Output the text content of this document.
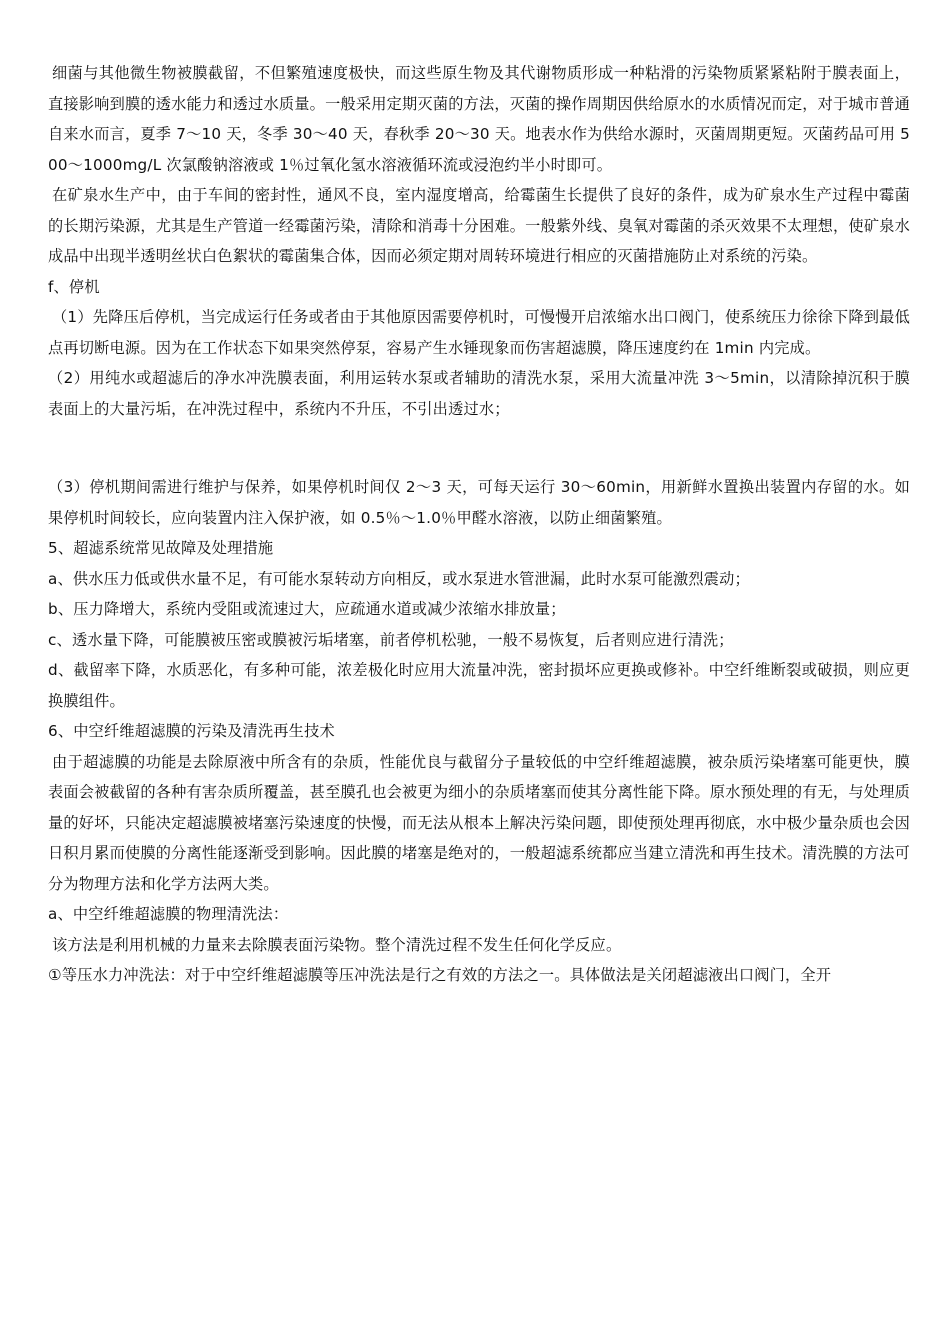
细菌与其他微生物被膜截留，不但繁殖速度极快，而这些原生物及其代谢物质形成一种粘滑的污染物质紧紧粘附于膜表面上，直接影响到膜的透水能力和透过水质量。一般采用定期灭菌的方法，灭菌的操作周期因供给原水的水质情况而定，对于城市普通自来水而言，夏季 7～10 天，冬季 30～40 天，春秋季 20～30 天。地表水作为供给水源时，灭菌周期更短。灭菌药品可用 500～1000mg/L 次氯酸钠溶液或 1％过氧化氢水溶液循环流或浸泡约半小时即可。

在矿泉水生产中，由于车间的密封性，通风不良，室内湿度增高，给霉菌生长提供了良好的条件，成为矿泉水生产过程中霉菌的长期污染源，尤其是生产管道一经霉菌污染，清除和消毒十分困难。一般紫外线、臭氧对霉菌的杀灭效果不太理想，使矿泉水成品中出现半透明丝状白色絮状的霉菌集合体，因而必须定期对周转环境进行相应的灭菌措施防止对系统的污染。

f、停机

（1）先降压后停机，当完成运行任务或者由于其他原因需要停机时，可慢慢开启浓缩水出口阀门，使系统压力徐徐下降到最低点再切断电源。因为在工作状态下如果突然停泵，容易产生水锤现象而伤害超滤膜，降压速度约在 1min 内完成。

（2）用纯水或超滤后的净水冲洗膜表面，利用运转水泵或者辅助的清洗水泵，采用大流量冲洗 3～5min，以清除掉沉积于膜表面上的大量污垢，在冲洗过程中，系统内不升压，不引出透过水；

（3）停机期间需进行维护与保养，如果停机时间仅 2～3 天，可每天运行 30～60min，用新鲜水置换出装置内存留的水。如果停机时间较长，应向装置内注入保护液，如 0.5％～1.0％甲醛水溶液，以防止细菌繁殖。

5、超滤系统常见故障及处理措施

a、供水压力低或供水量不足，有可能水泵转动方向相反，或水泵进水管泄漏，此时水泵可能激烈震动；

b、压力降增大，系统内受阻或流速过大，应疏通水道或减少浓缩水排放量；

c、透水量下降，可能膜被压密或膜被污垢堵塞，前者停机松驰，一般不易恢复，后者则应进行清洗；

d、截留率下降，水质恶化，有多种可能，浓差极化时应用大流量冲洗，密封损坏应更换或修补。中空纤维断裂或破损，则应更换膜组件。

6、中空纤维超滤膜的污染及清洗再生技术

由于超滤膜的功能是去除原液中所含有的杂质，性能优良与截留分子量较低的中空纤维超滤膜，被杂质污染堵塞可能更快，膜表面会被截留的各种有害杂质所覆盖，甚至膜孔也会被更为细小的杂质堵塞而使其分离性能下降。原水预处理的有无，与处理质量的好坏，只能决定超滤膜被堵塞污染速度的快慢，而无法从根本上解决污染问题，即使预处理再彻底，水中极少量杂质也会因日积月累而使膜的分离性能逐渐受到影响。因此膜的堵塞是绝对的，一般超滤系统都应当建立清洗和再生技术。清洗膜的方法可分为物理方法和化学方法两大类。

a、中空纤维超滤膜的物理清洗法：

该方法是利用机械的力量来去除膜表面污染物。整个清洗过程不发生任何化学反应。

①等压水力冲洗法：对于中空纤维超滤膜等压冲洗法是行之有效的方法之一。具体做法是关闭超滤液出口阀门，全开
